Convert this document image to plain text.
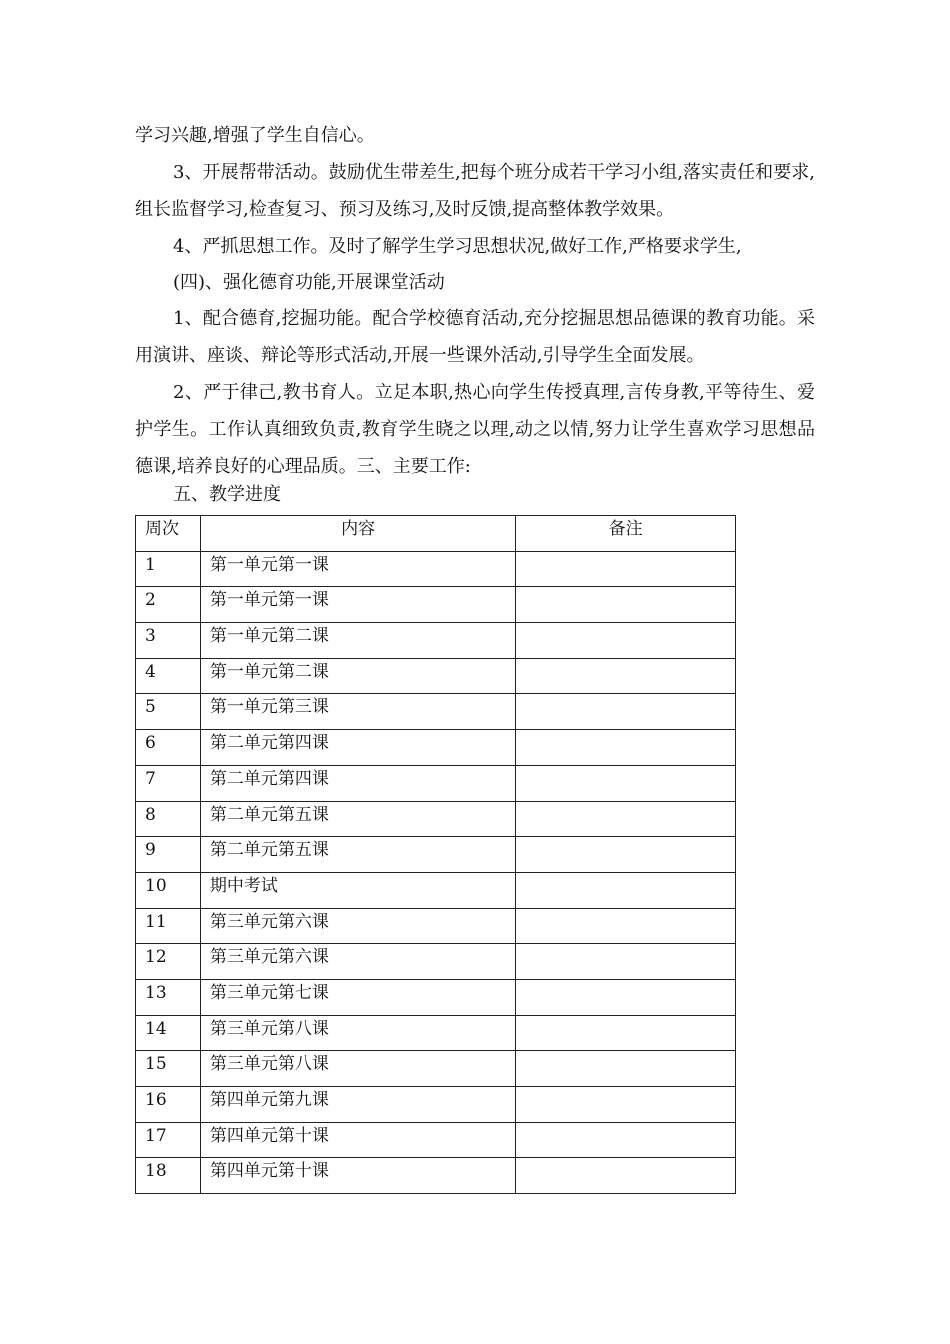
学习兴趣,增强了学生自信心。

3、开展帮带活动。鼓励优生带差生,把每个班分成若干学习小组,落实责任和要求,组长监督学习,检查复习、预习及练习,及时反馈,提高整体教学效果。

4、严抓思想工作。及时了解学生学习思想状况,做好工作,严格要求学生,

(四)、强化德育功能,开展课堂活动

1、配合德育,挖掘功能。配合学校德育活动,充分挖掘思想品德课的教育功能。采用演讲、座谈、辩论等形式活动,开展一些课外活动,引导学生全面发展。

2、严于律己,教书育人。立足本职,热心向学生传授真理,言传身教,平等待生、爱护学生。工作认真细致负责,教育学生晓之以理,动之以情,努力让学生喜欢学习思想品德课,培养良好的心理品质。三、主要工作:

五、教学进度

周次	内容	备注
1	第一单元第一课	
2	第一单元第一课	
3	第一单元第二课	
4	第一单元第二课	
5	第一单元第三课	
6	第二单元第四课	
7	第二单元第四课	
8	第二单元第五课	
9	第二单元第五课	
10	期中考试	
11	第三单元第六课	
12	第三单元第六课	
13	第三单元第七课	
14	第三单元第八课	
15	第三单元第八课	
16	第四单元第九课	
17	第四单元第十课	
18	第四单元第十课	
